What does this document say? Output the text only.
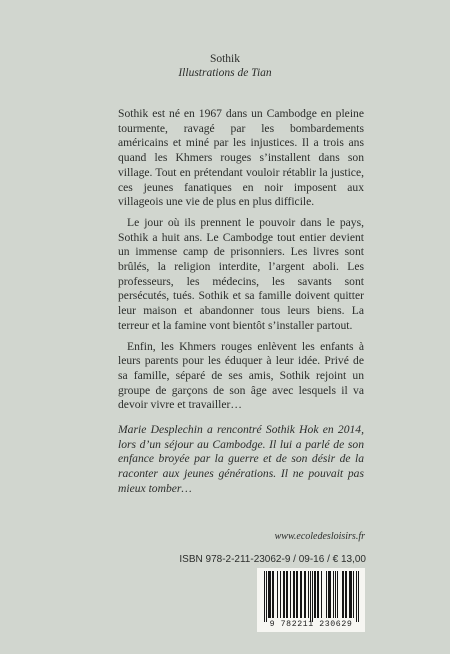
Sothik
Illustrations de Tian

Sothik est né en 1967 dans un Cambodge en pleine tourmente, ravagé par les bombardements américains et miné par les injustices. Il a trois ans quand les Khmers rouges s’installent dans son village. Tout en prétendant vouloir rétablir la justice, ces jeunes fanatiques en noir imposent aux villageois une vie de plus en plus difficile.

Le jour où ils prennent le pouvoir dans le pays, Sothik a huit ans. Le Cambodge tout entier devient un immense camp de prisonniers. Les livres sont brûlés, la religion interdite, l’argent aboli. Les professeurs, les médecins, les savants sont persécutés, tués. Sothik et sa famille doivent quitter leur maison et abandonner tous leurs biens. La terreur et la famine vont bientôt s’installer partout.

Enfin, les Khmers rouges enlèvent les enfants à leurs parents pour les éduquer à leur idée. Privé de sa famille, séparé de ses amis, Sothik rejoint un groupe de garçons de son âge avec lesquels il va devoir vivre et travailler…

Marie Desplechin a rencontré Sothik Hok en 2014, lors d’un séjour au Cambodge. Il lui a parlé de son enfance broyée par la guerre et de son désir de la raconter aux jeunes générations. Il ne pouvait pas mieux tomber…

www.ecoledesloisirs.fr
ISBN 978-2-211-23062-9 / 09-16 / € 13,00
9 782211 230629
